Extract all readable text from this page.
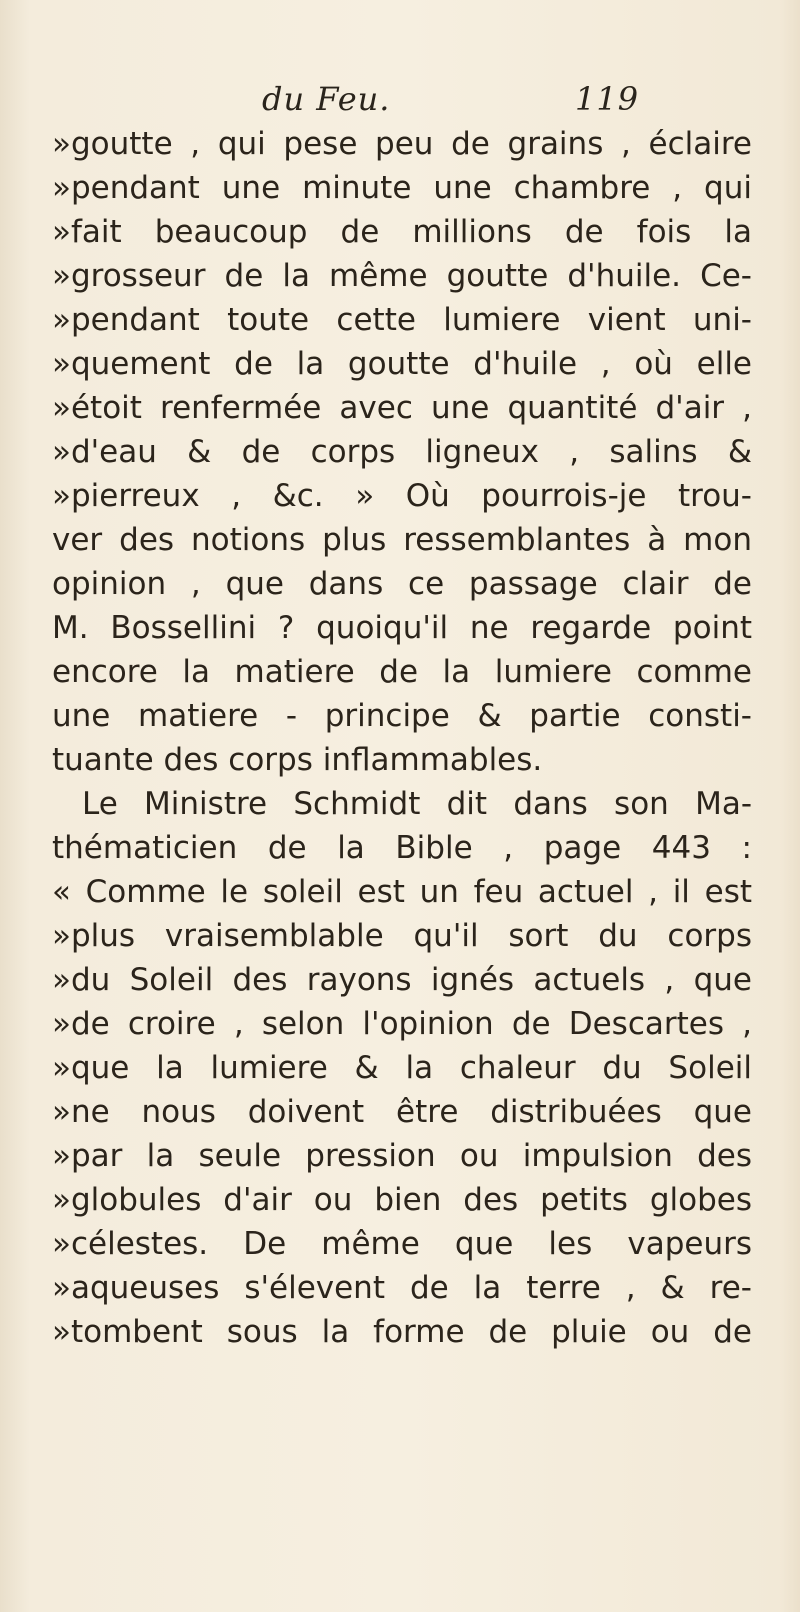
du Feu.	119
»goutte , qui pese peu de grains , éclaire
»pendant une minute une chambre , qui
»fait beaucoup de millions de fois la
»grosseur de la même goutte d'huile. Ce-
»pendant toute cette lumiere vient uni-
»quement de la goutte d'huile , où elle
»étoit renfermée avec une quantité d'air ,
»d'eau & de corps ligneux , salins &
»pierreux , &c. » Où pourrois-je trou-
ver des notions plus ressemblantes à mon
opinion , que dans ce passage clair de
M. Bossellini ? quoiqu'il ne regarde point
encore la matiere de la lumiere comme
une matiere - principe & partie consti-
tuante des corps inflammables.
Le Ministre Schmidt dit dans son Ma-
thématicien de la Bible , page 443 :
« Comme le soleil est un feu actuel , il est
»plus vraisemblable qu'il sort du corps
»du Soleil des rayons ignés actuels , que
»de croire , selon l'opinion de Descartes ,
»que la lumiere & la chaleur du Soleil
»ne nous doivent être distribuées que
»par la seule pression ou impulsion des
»globules d'air ou bien des petits globes
»célestes. De même que les vapeurs
»aqueuses s'élevent de la terre , & re-
»tombent sous la forme de pluie ou de
